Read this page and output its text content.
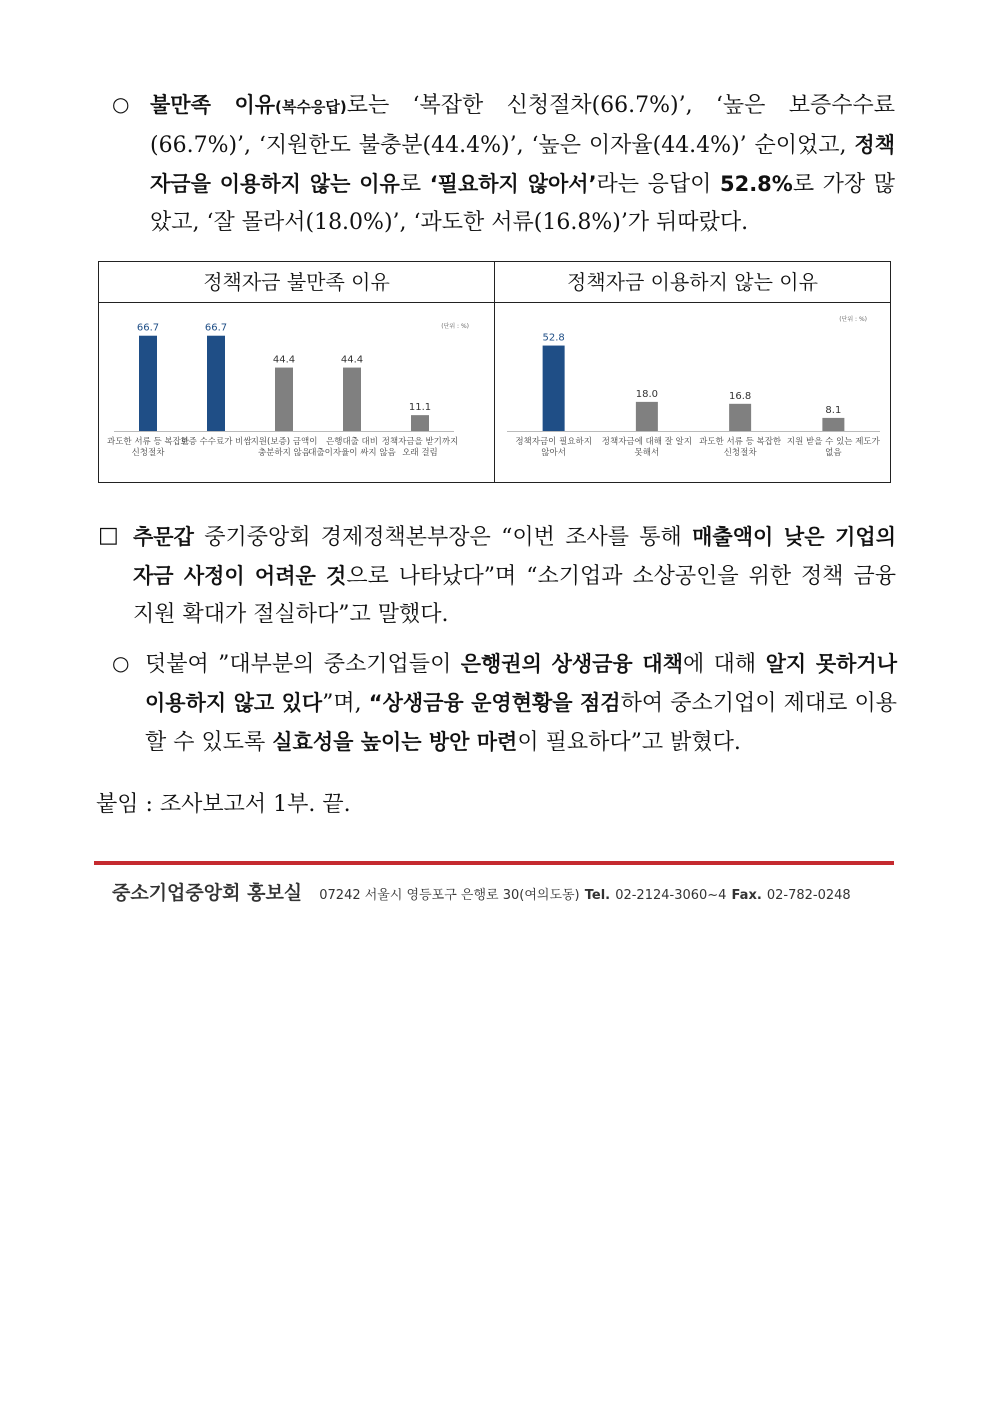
○ 불만족 이유(복수응답)로는 ‘복잡한 신청절차(66.7%)’, ‘높은 보증수수료(66.7%)’, ‘지원한도 불충분(44.4%)’, ‘높은 이자율(44.4%)’ 순이었고, 정책자금을 이용하지 않는 이유로 ‘필요하지 않아서’라는 응답이 52.8%로 가장 많았고, ‘잘 몰라서(18.0%)’, ‘과도한 서류(16.8%)’가 뒤따랐다.

정책자금 불만족 이유
(단위 : %)
66.7
과도한 서류 등 복잡한
신청절차
66.7
보증 수수료가 비쌈
44.4
지원(보증) 금액이
충분하지 않음
44.4
은행대출 대비
대출이자율이 싸지 않음
11.1
정책자금을 받기까지
오래 걸림
정책자금 이용하지 않는 이유
(단위 : %)
52.8
정책자금이 필요하지
않아서
18.0
정책자금에 대해 잘 알지
못해서
16.8
과도한 서류 등 복잡한
신청절차
8.1
지원 받을 수 있는 제도가
없음
□ 추문갑 중기중앙회 경제정책본부장은 “이번 조사를 통해 매출액이 낮은 기업의 자금 사정이 어려운 것으로 나타났다”며 “소기업과 소상공인을 위한 정책 금융 지원 확대가 절실하다”고 말했다.

○ 덧붙여 ”대부분의 중소기업들이 은행권의 상생금융 대책에 대해 알지 못하거나 이용하지 않고 있다”며, “상생금융 운영현황을 점검하여 중소기업이 제대로 이용할 수 있도록 실효성을 높이는 방안 마련이 필요하다”고 밝혔다.

붙임 : 조사보고서 1부. 끝.

중소기업중앙회 홍보실 07242 서울시 영등포구 은행로 30(여의도동) Tel. 02-2124-3060~4 Fax. 02-782-0248
